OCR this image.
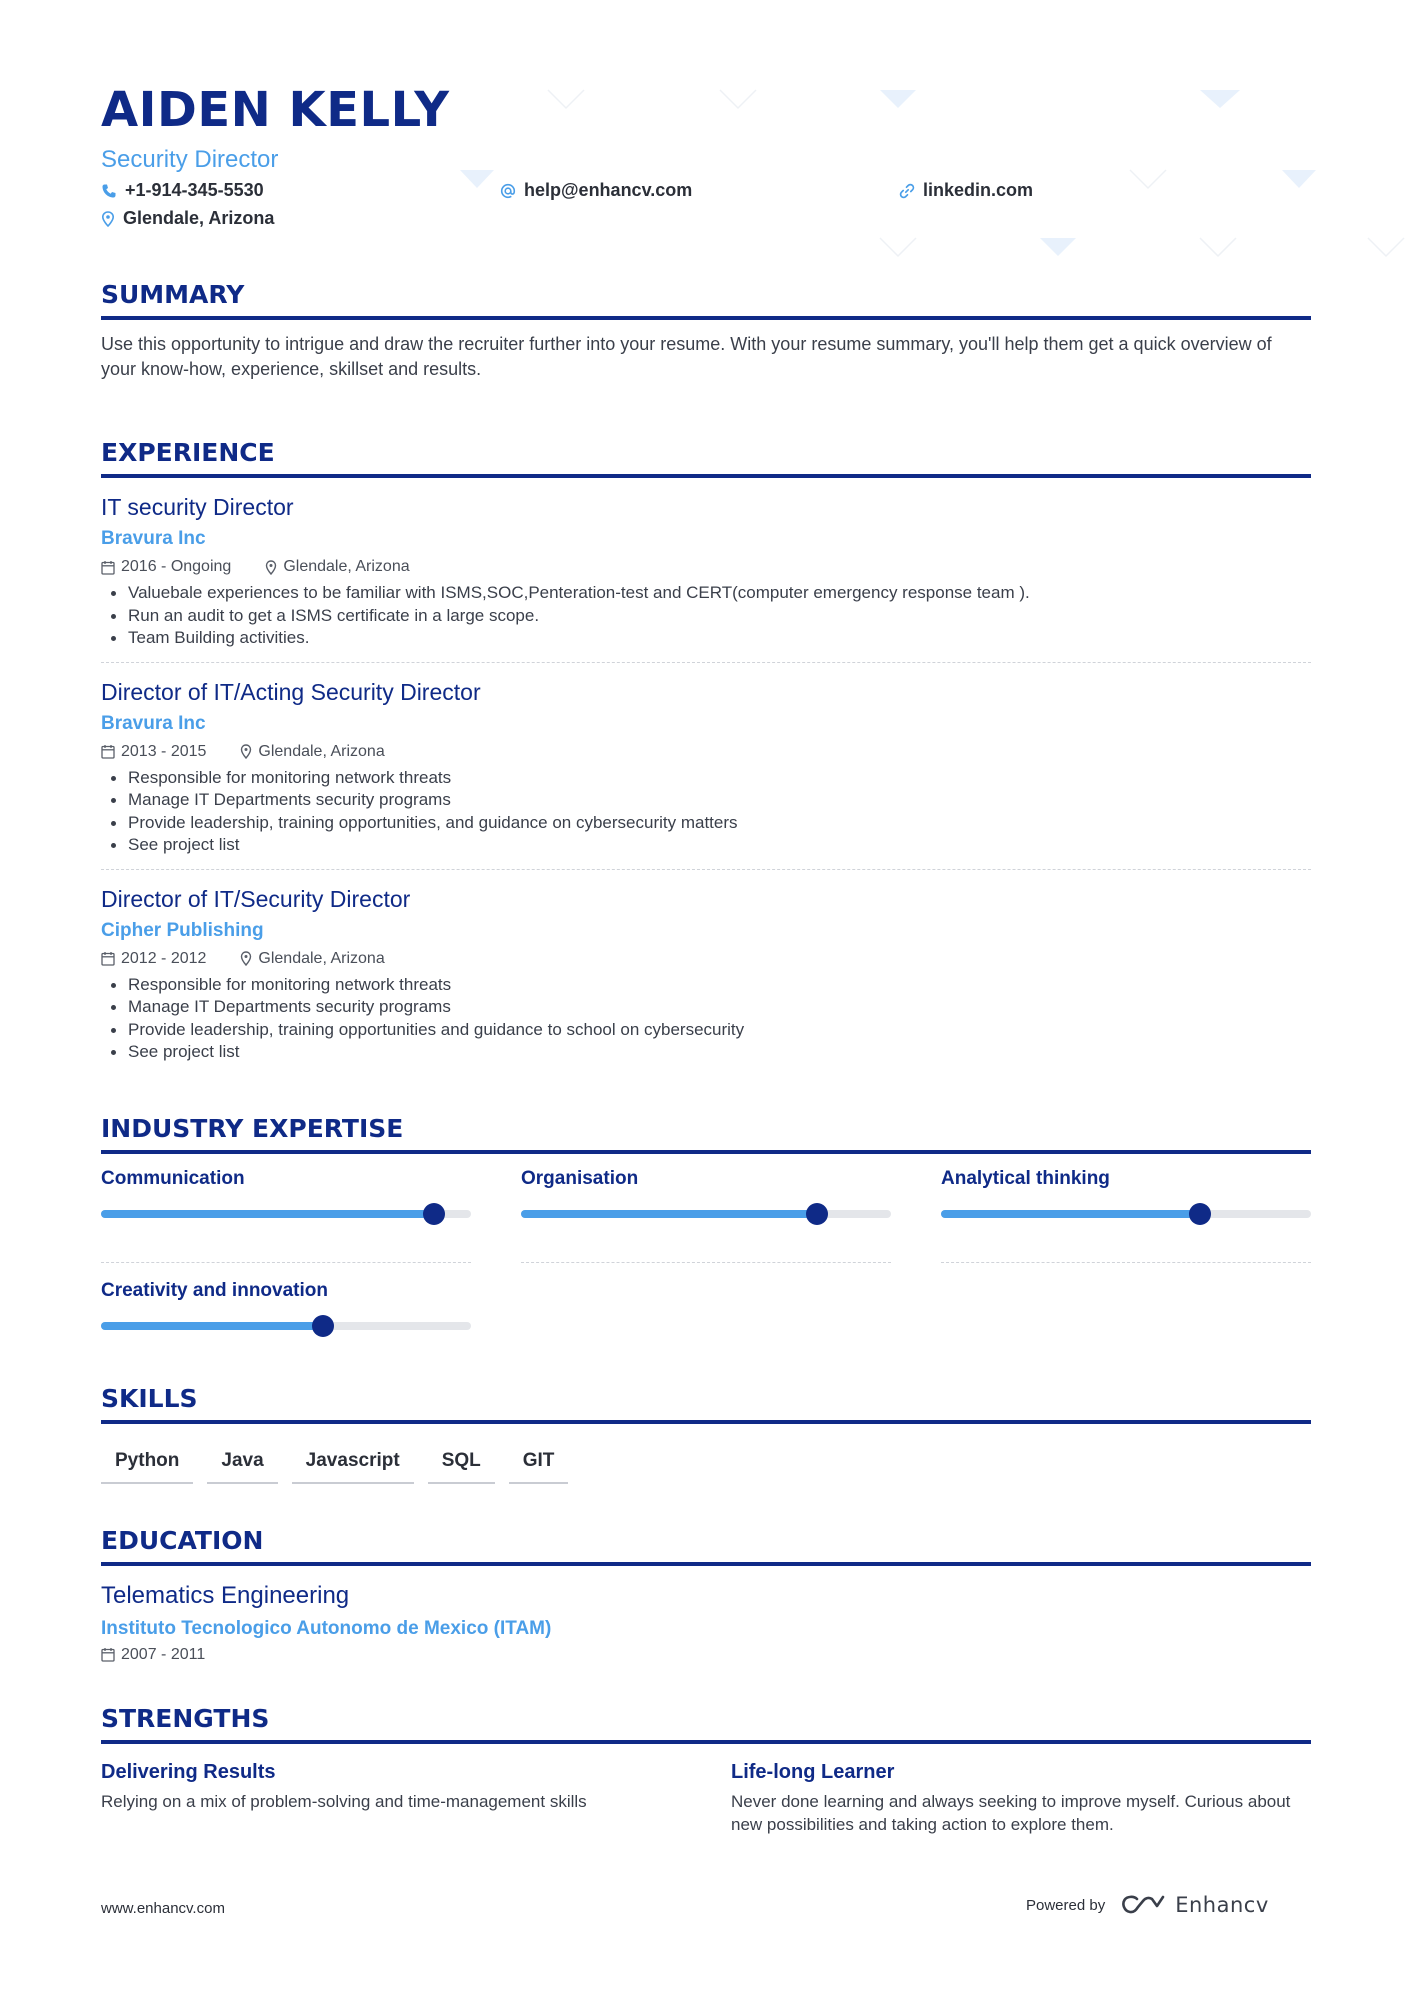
AIDEN KELLY
Security Director
+1-914-345-5530	help@enhancv.com	linkedin.com
Glendale, Arizona
SUMMARY
Use this opportunity to intrigue and draw the recruiter further into your resume. With your resume summary, you'll help them get a quick overview of your know-how, experience, skillset and results.
EXPERIENCE
IT security Director
Bravura Inc
2016 - Ongoing	Glendale, Arizona
Valuebale experiences to be familiar with ISMS,SOC,Penteration-test and CERT(computer emergency response team ).
Run an audit to get a ISMS certificate in a large scope.
Team Building activities.
Director of IT/Acting Security Director
Bravura Inc
2013 - 2015	Glendale, Arizona
Responsible for monitoring network threats
Manage IT Departments security programs
Provide leadership, training opportunities, and guidance on cybersecurity matters
See project list
Director of IT/Security Director
Cipher Publishing
2012 - 2012	Glendale, Arizona
Responsible for monitoring network threats
Manage IT Departments security programs
Provide leadership, training opportunities and guidance to school on cybersecurity
See project list
INDUSTRY EXPERTISE
Communication	Organisation	Analytical thinking
Creativity and innovation
SKILLS
Python	Java	Javascript	SQL	GIT
EDUCATION
Telematics Engineering
Instituto Tecnologico Autonomo de Mexico (ITAM)
2007 - 2011
STRENGTHS
Delivering Results
Relying on a mix of problem-solving and time-management skills
Life-long Learner
Never done learning and always seeking to improve myself. Curious about new possibilities and taking action to explore them.
www.enhancv.com	Powered by	Enhancv
